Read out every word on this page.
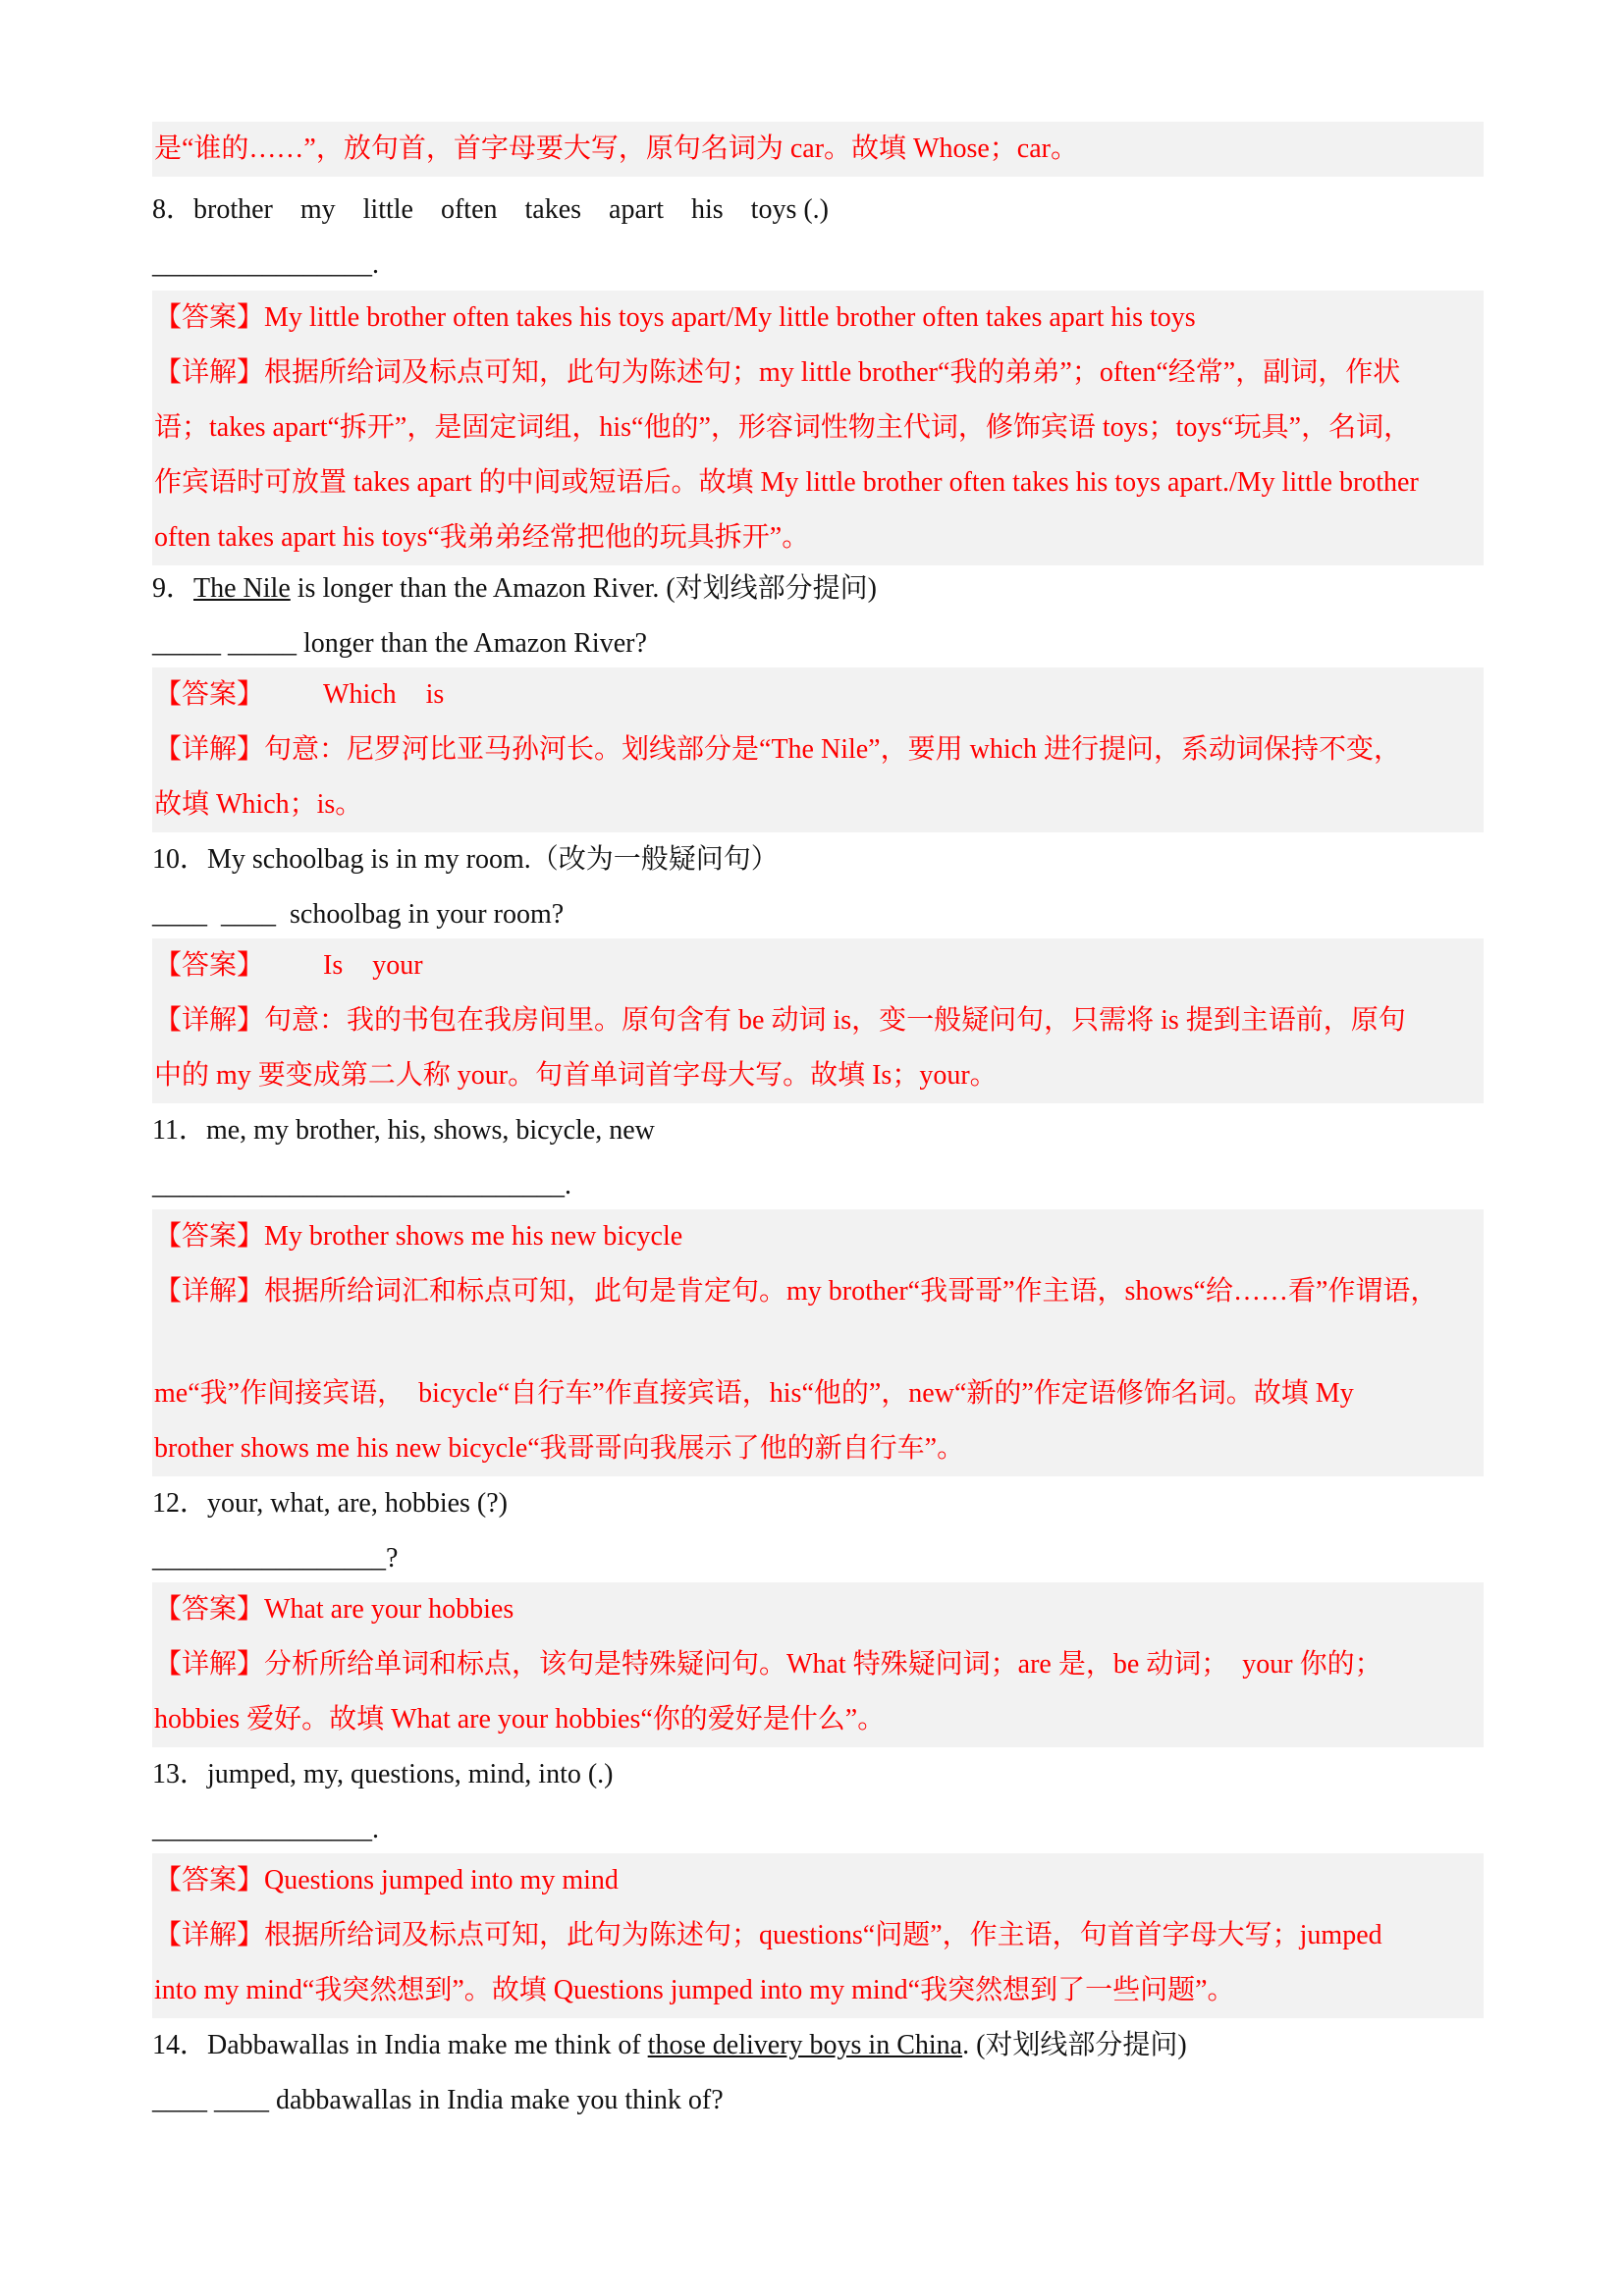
是“谁的……”，放句首，首字母要大写，原句名词为 car。故填 Whose；car。
8．brother    my    little    often    takes    apart    his    toys (.)
________________.
【答案】My little brother often takes his toys apart/My little brother often takes apart his toys
【详解】根据所给词及标点可知，此句为陈述句；my little brother“我的弟弟”；often“经常”，副词，作状
语；takes apart“拆开”，是固定词组，his“他的”，形容词性物主代词，修饰宾语 toys；toys“玩具”，名词，
作宾语时可放置 takes apart 的中间或短语后。故填 My little brother often takes his toys apart./My little brother
often takes apart his toys“我弟弟经常把他的玩具拆开”。
9．The Nile is longer than the Amazon River. (对划线部分提问)
_____ _____ longer than the Amazon River?
【答案】 Which is
【详解】句意：尼罗河比亚马孙河长。划线部分是“The Nile”，要用 which 进行提问，系动词保持不变，
故填 Which；is。
10．My schoolbag is in my room.（改为一般疑问句）
____  ____  schoolbag in your room?
【答案】 Is your
【详解】句意：我的书包在我房间里。原句含有 be 动词 is，变一般疑问句，只需将 is 提到主语前，原句
中的 my 要变成第二人称 your。句首单词首字母大写。故填 Is；your。
11．me, my brother, his, shows, bicycle, new
______________________________.
【答案】My brother shows me his new bicycle
【详解】根据所给词汇和标点可知，此句是肯定句。my brother“我哥哥”作主语，shows“给……看”作谓语，
me“我”作间接宾语，  bicycle“自行车”作直接宾语，his“他的”，new“新的”作定语修饰名词。故填 My
brother shows me his new bicycle“我哥哥向我展示了他的新自行车”。
12．your, what, are, hobbies (?)
_________________?
【答案】What are your hobbies
【详解】分析所给单词和标点，该句是特殊疑问句。What 特殊疑问词；are 是，be 动词；  your 你的；
hobbies 爱好。故填 What are your hobbies“你的爱好是什么”。
13．jumped, my, questions, mind, into (.)
________________.
【答案】Questions jumped into my mind
【详解】根据所给词及标点可知，此句为陈述句；questions“问题”，作主语，句首首字母大写；jumped
into my mind“我突然想到”。故填 Questions jumped into my mind“我突然想到了一些问题”。
14．Dabbawallas in India make me think of those delivery boys in China. (对划线部分提问)
____ ____ dabbawallas in India make you think of?
